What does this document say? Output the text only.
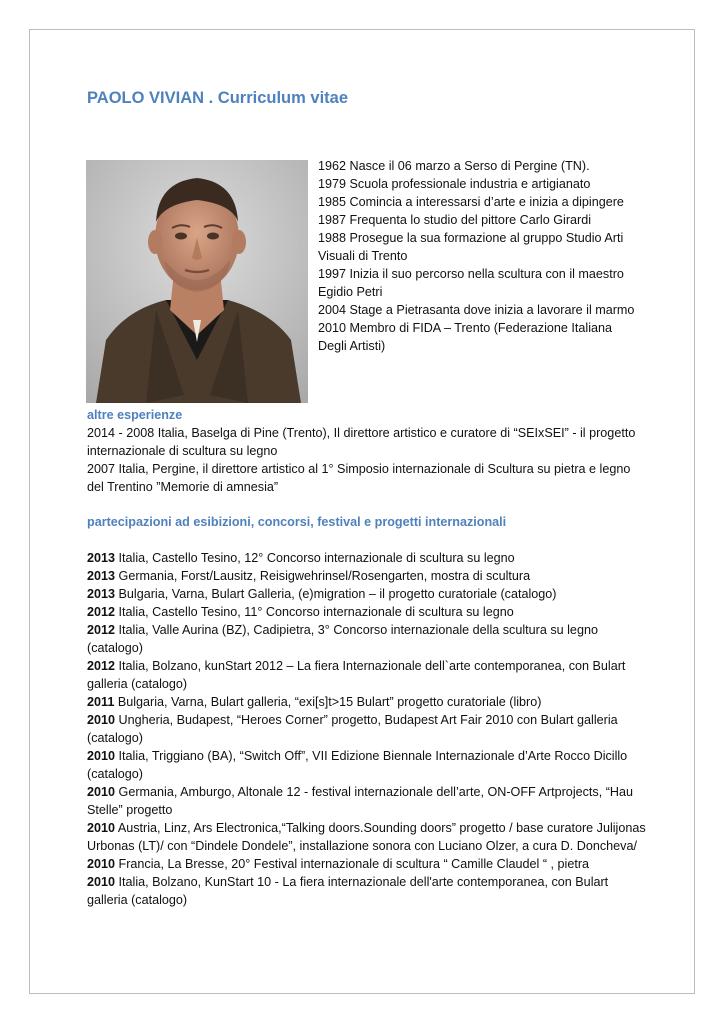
PAOLO VIVIAN . Curriculum vitae

1962 Nasce il 06 marzo a Serso di Pergine (TN).

1979 Scuola professionale industria e artigianato

1985 Comincia a interessarsi d’arte e inizia a dipingere

1987 Frequenta lo studio del pittore Carlo Girardi

1988 Prosegue la sua formazione al gruppo Studio Arti Visuali di Trento

1997 Inizia il suo percorso nella scultura con il maestro Egidio Petri

2004 Stage a Pietrasanta dove inizia a lavorare il marmo

2010 Membro di FIDA – Trento (Federazione Italiana Degli Artisti)

altre esperienze

2014 - 2008 Italia, Baselga di Pine (Trento), Il direttore artistico e curatore di “SEIxSEI” - il progetto internazionale di scultura su legno

2007 Italia, Pergine, il direttore artistico al 1° Simposio internazionale di Scultura su pietra e legno del Trentino ”Memorie di amnesia”

partecipazioni ad esibizioni, concorsi, festival e progetti internazionali

2013 Italia, Castello Tesino, 12° Concorso internazionale di scultura su legno

2013 Germania, Forst/Lausitz, Reisigwehrinsel/Rosengarten, mostra di scultura

2013 Bulgaria, Varna, Bulart Galleria, (e)migration – il progetto curatoriale (catalogo)

2012 Italia, Castello Tesino, 11° Concorso internazionale di scultura su legno

2012 Italia, Valle Aurina (BZ), Cadipietra, 3° Concorso internazionale della scultura su legno (catalogo)

2012 Italia, Bolzano, kunStart 2012 – La fiera Internazionale dell`arte contemporanea, con Bulart galleria (catalogo)

2011 Bulgaria, Varna, Bulart galleria, “exi[s]t>15 Bulart” progetto curatoriale (libro)

2010 Ungheria, Budapest, “Heroes Corner” progetto, Budapest Art Fair 2010 con Bulart galleria (catalogo)

2010 Italia, Triggiano (BA), “Switch Off”, VII Edizione Biennale Internazionale d’Arte Rocco Dicillo (catalogo)

2010 Germania, Amburgo, Altonale 12 - festival internazionale dell’arte, ON-OFF Artprojects, “Hau Stelle” progetto

2010 Austria, Linz, Ars Electronica,“Talking doors.Sounding doors” progetto / base curatore Julijonas Urbonas (LT)/ con “Dindele Dondele”, installazione sonora con Luciano Olzer, a cura D. Doncheva/

2010 Francia, La Bresse, 20° Festival internazionale di scultura “ Camille Claudel “ , pietra

2010 Italia, Bolzano, KunStart 10 - La fiera internazionale dell'arte contemporanea, con Bulart galleria (catalogo)
